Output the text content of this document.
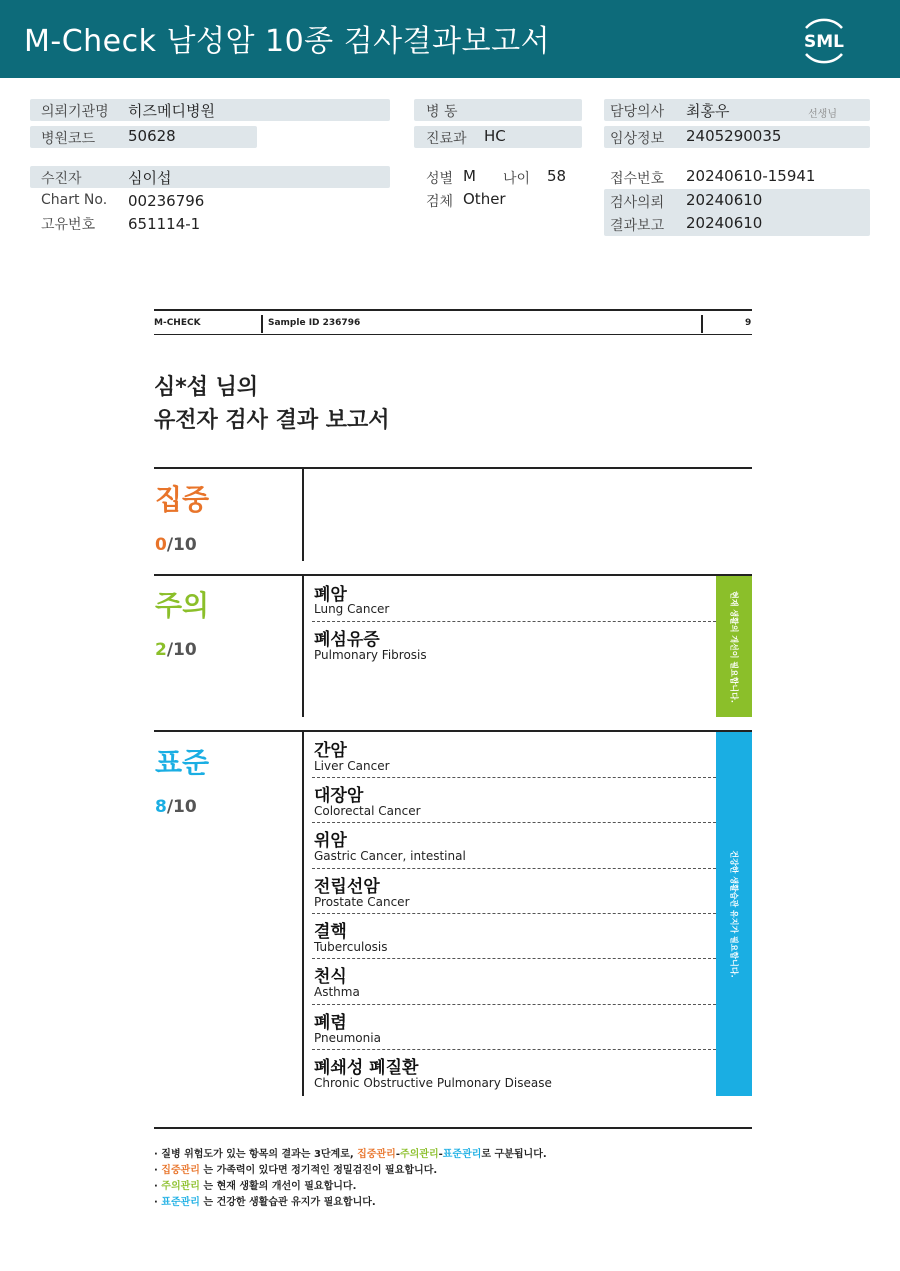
M-Check 남성암 10종 검사결과보고서	SML
의뢰기관명 히즈메디병원
병원코드 50628
병 동
진료과 HC
담당의사 최홍우	선생님
임상정보 2405290035
수진자	심이섭
Chart No. 00236796
고유번호 651114-1
성별 M 나이 58
검체 Other
접수번호 20240610-15941
검사의뢰 20240610
결과보고 20240610
M-CHECK	Sample ID 236796	9
심*섭 님의
유전자 검사 결과 보고서
집중
0/10
주의
2/10
폐암
Lung Cancer
폐섬유증
Pulmonary Fibrosis	현재 생활의 개선이 필요합니다.
표준
8/10
간암
Liver Cancer
대장암
Colorectal Cancer
위암
Gastric Cancer, intestinal
전립선암
Prostate Cancer
결핵
Tuberculosis
천식
Asthma
폐렴
Pneumonia
폐쇄성 폐질환
Chronic Obstructive Pulmonary Disease
건강한 생활습관 유지가 필요합니다.
· 질병 위험도가 있는 항목의 결과는 3단계로, 집중관리-주의관리-표준관리로 구분됩니다.
· 집중관리 는 가족력이 있다면 정기적인 정밀검진이 필요합니다.
· 주의관리 는 현재 생활의 개선이 필요합니다.
· 표준관리 는 건강한 생활습관 유지가 필요합니다.
